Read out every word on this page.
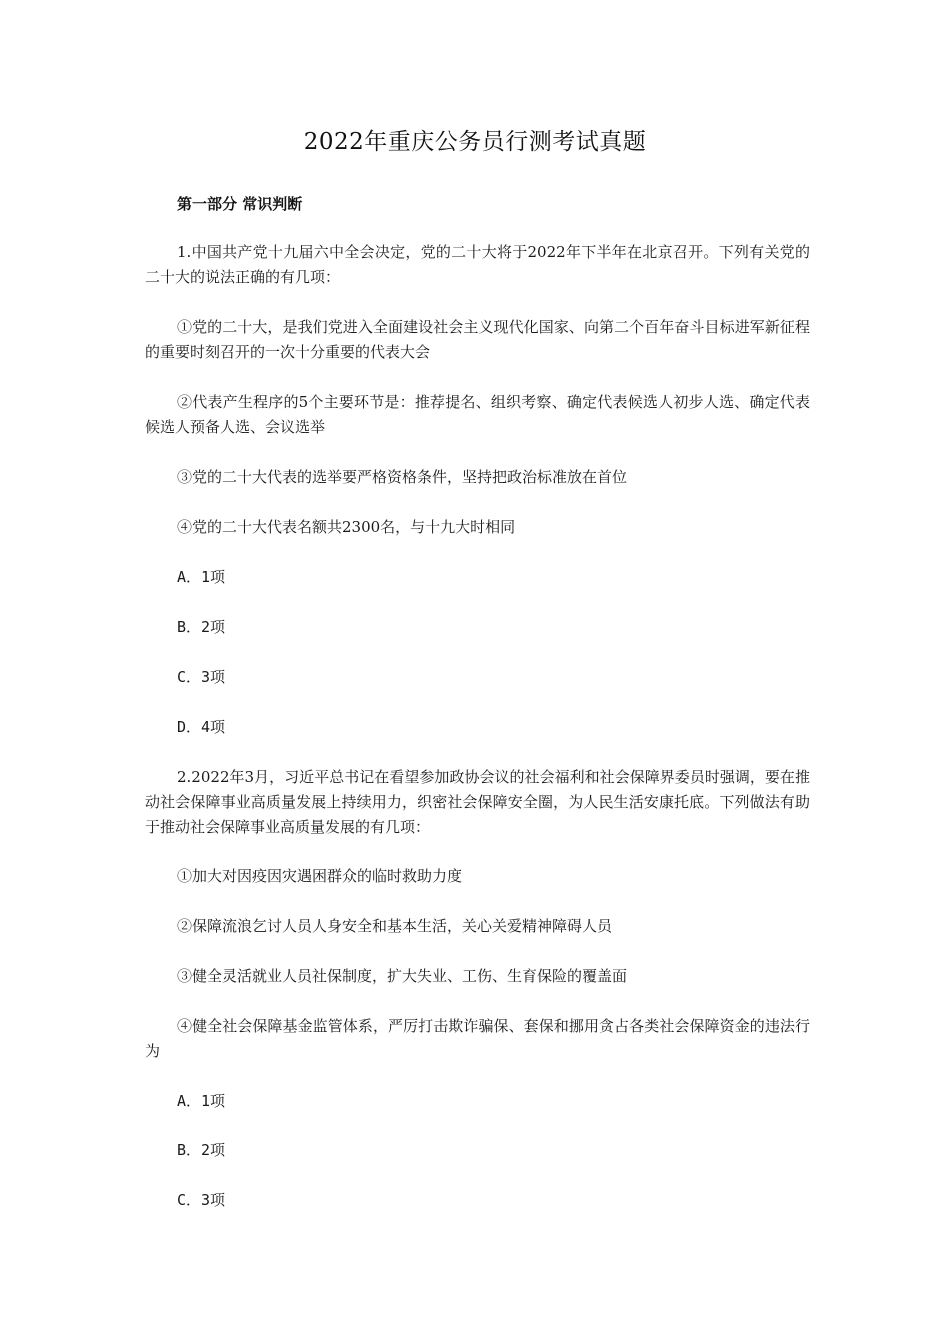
2022年重庆公务员行测考试真题
第一部分 常识判断

1.中国共产党十九届六中全会决定，党的二十大将于2022年下半年在北京召开。下列有关党的二十大的说法正确的有几项：

①党的二十大，是我们党进入全面建设社会主义现代化国家、向第二个百年奋斗目标进军新征程的重要时刻召开的一次十分重要的代表大会

②代表产生程序的5个主要环节是：推荐提名、组织考察、确定代表候选人初步人选、确定代表候选人预备人选、会议选举

③党的二十大代表的选举要严格资格条件，坚持把政治标准放在首位

④党的二十大代表名额共2300名，与十九大时相同

A．1项

B．2项

C．3项

D．4项

2.2022年3月，习近平总书记在看望参加政协会议的社会福利和社会保障界委员时强调，要在推动社会保障事业高质量发展上持续用力，织密社会保障安全圈，为人民生活安康托底。下列做法有助于推动社会保障事业高质量发展的有几项：

①加大对因疫因灾遇困群众的临时救助力度

②保障流浪乞讨人员人身安全和基本生活，关心关爱精神障碍人员

③健全灵活就业人员社保制度，扩大失业、工伤、生育保险的覆盖面

④健全社会保障基金监管体系，严厉打击欺诈骗保、套保和挪用贪占各类社会保障资金的违法行为

A．1项

B．2项

C．3项
